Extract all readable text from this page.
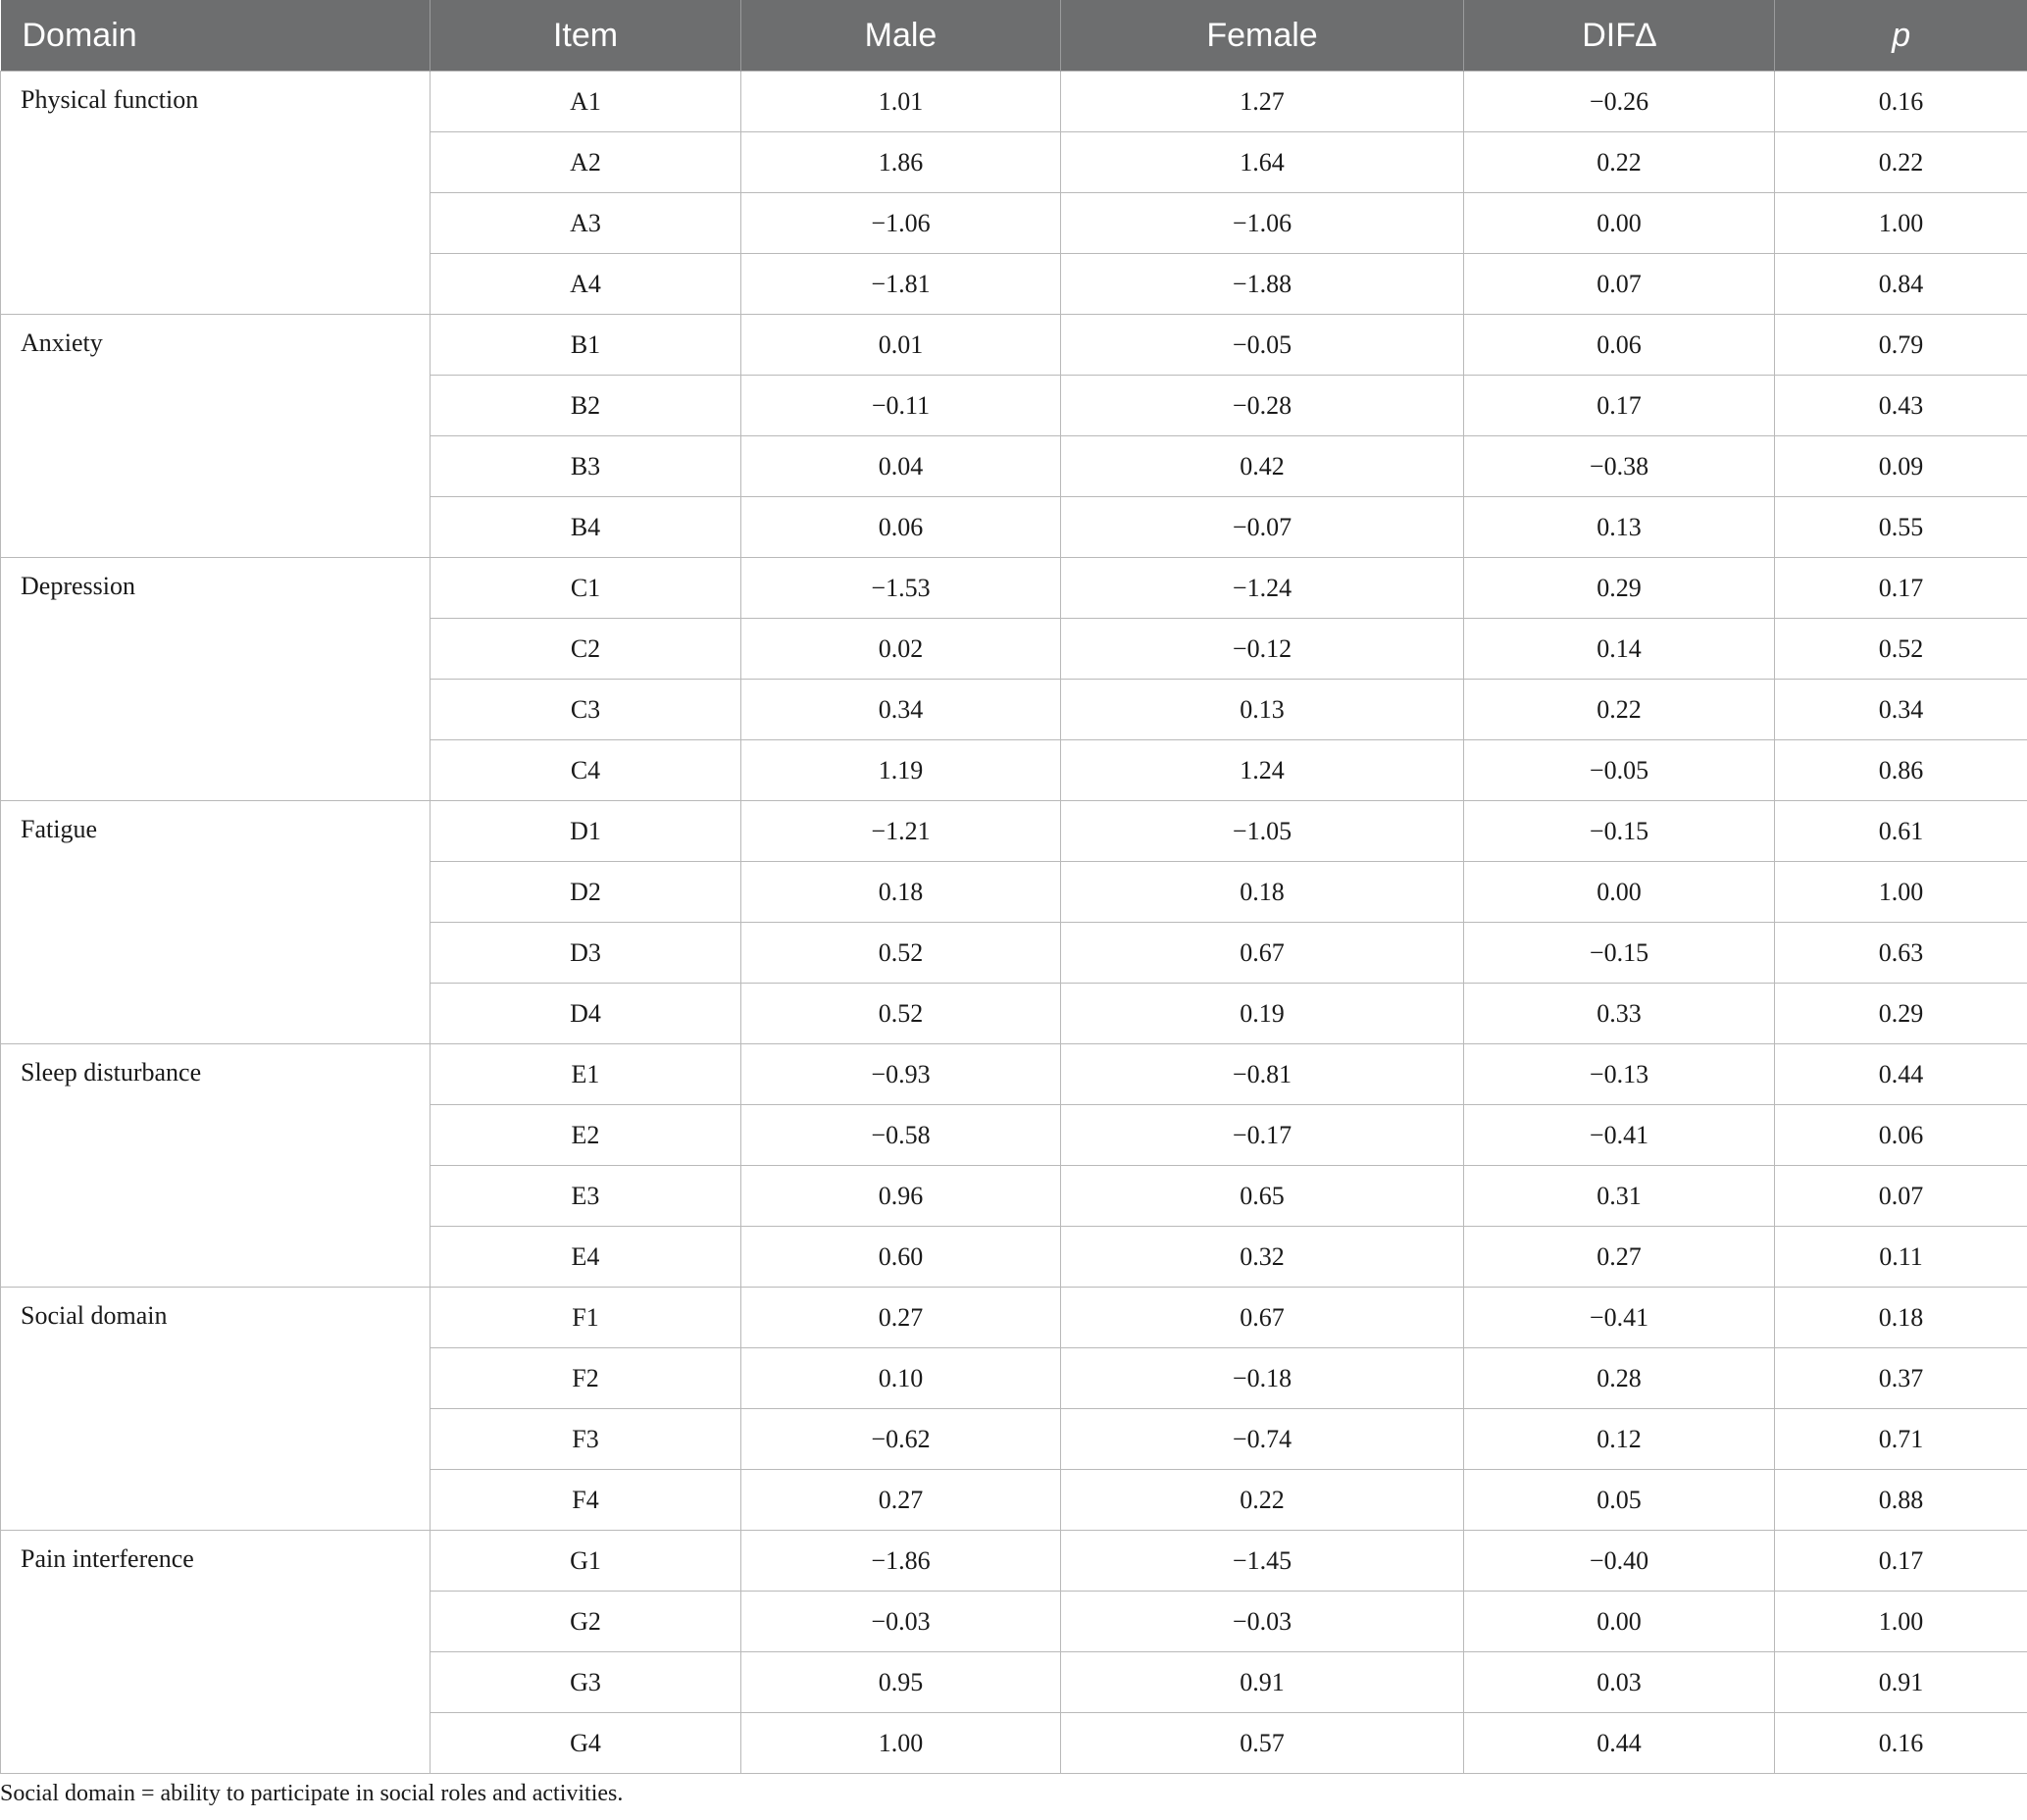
Domain	Item	Male	Female	DIF∆	p
Physical function	A1	1.01	1.27	−0.26	0.16
	A2	1.86	1.64	0.22	0.22
	A3	−1.06	−1.06	0.00	1.00
	A4	−1.81	−1.88	0.07	0.84
Anxiety	B1	0.01	−0.05	0.06	0.79
	B2	−0.11	−0.28	0.17	0.43
	B3	0.04	0.42	−0.38	0.09
	B4	0.06	−0.07	0.13	0.55
Depression	C1	−1.53	−1.24	0.29	0.17
	C2	0.02	−0.12	0.14	0.52
	C3	0.34	0.13	0.22	0.34
	C4	1.19	1.24	−0.05	0.86
Fatigue	D1	−1.21	−1.05	−0.15	0.61
	D2	0.18	0.18	0.00	1.00
	D3	0.52	0.67	−0.15	0.63
	D4	0.52	0.19	0.33	0.29
Sleep disturbance	E1	−0.93	−0.81	−0.13	0.44
	E2	−0.58	−0.17	−0.41	0.06
	E3	0.96	0.65	0.31	0.07
	E4	0.60	0.32	0.27	0.11
Social domain	F1	0.27	0.67	−0.41	0.18
	F2	0.10	−0.18	0.28	0.37
	F3	−0.62	−0.74	0.12	0.71
	F4	0.27	0.22	0.05	0.88
Pain interference	G1	−1.86	−1.45	−0.40	0.17
	G2	−0.03	−0.03	0.00	1.00
	G3	0.95	0.91	0.03	0.91
	G4	1.00	0.57	0.44	0.16
Social domain = ability to participate in social roles and activities.
